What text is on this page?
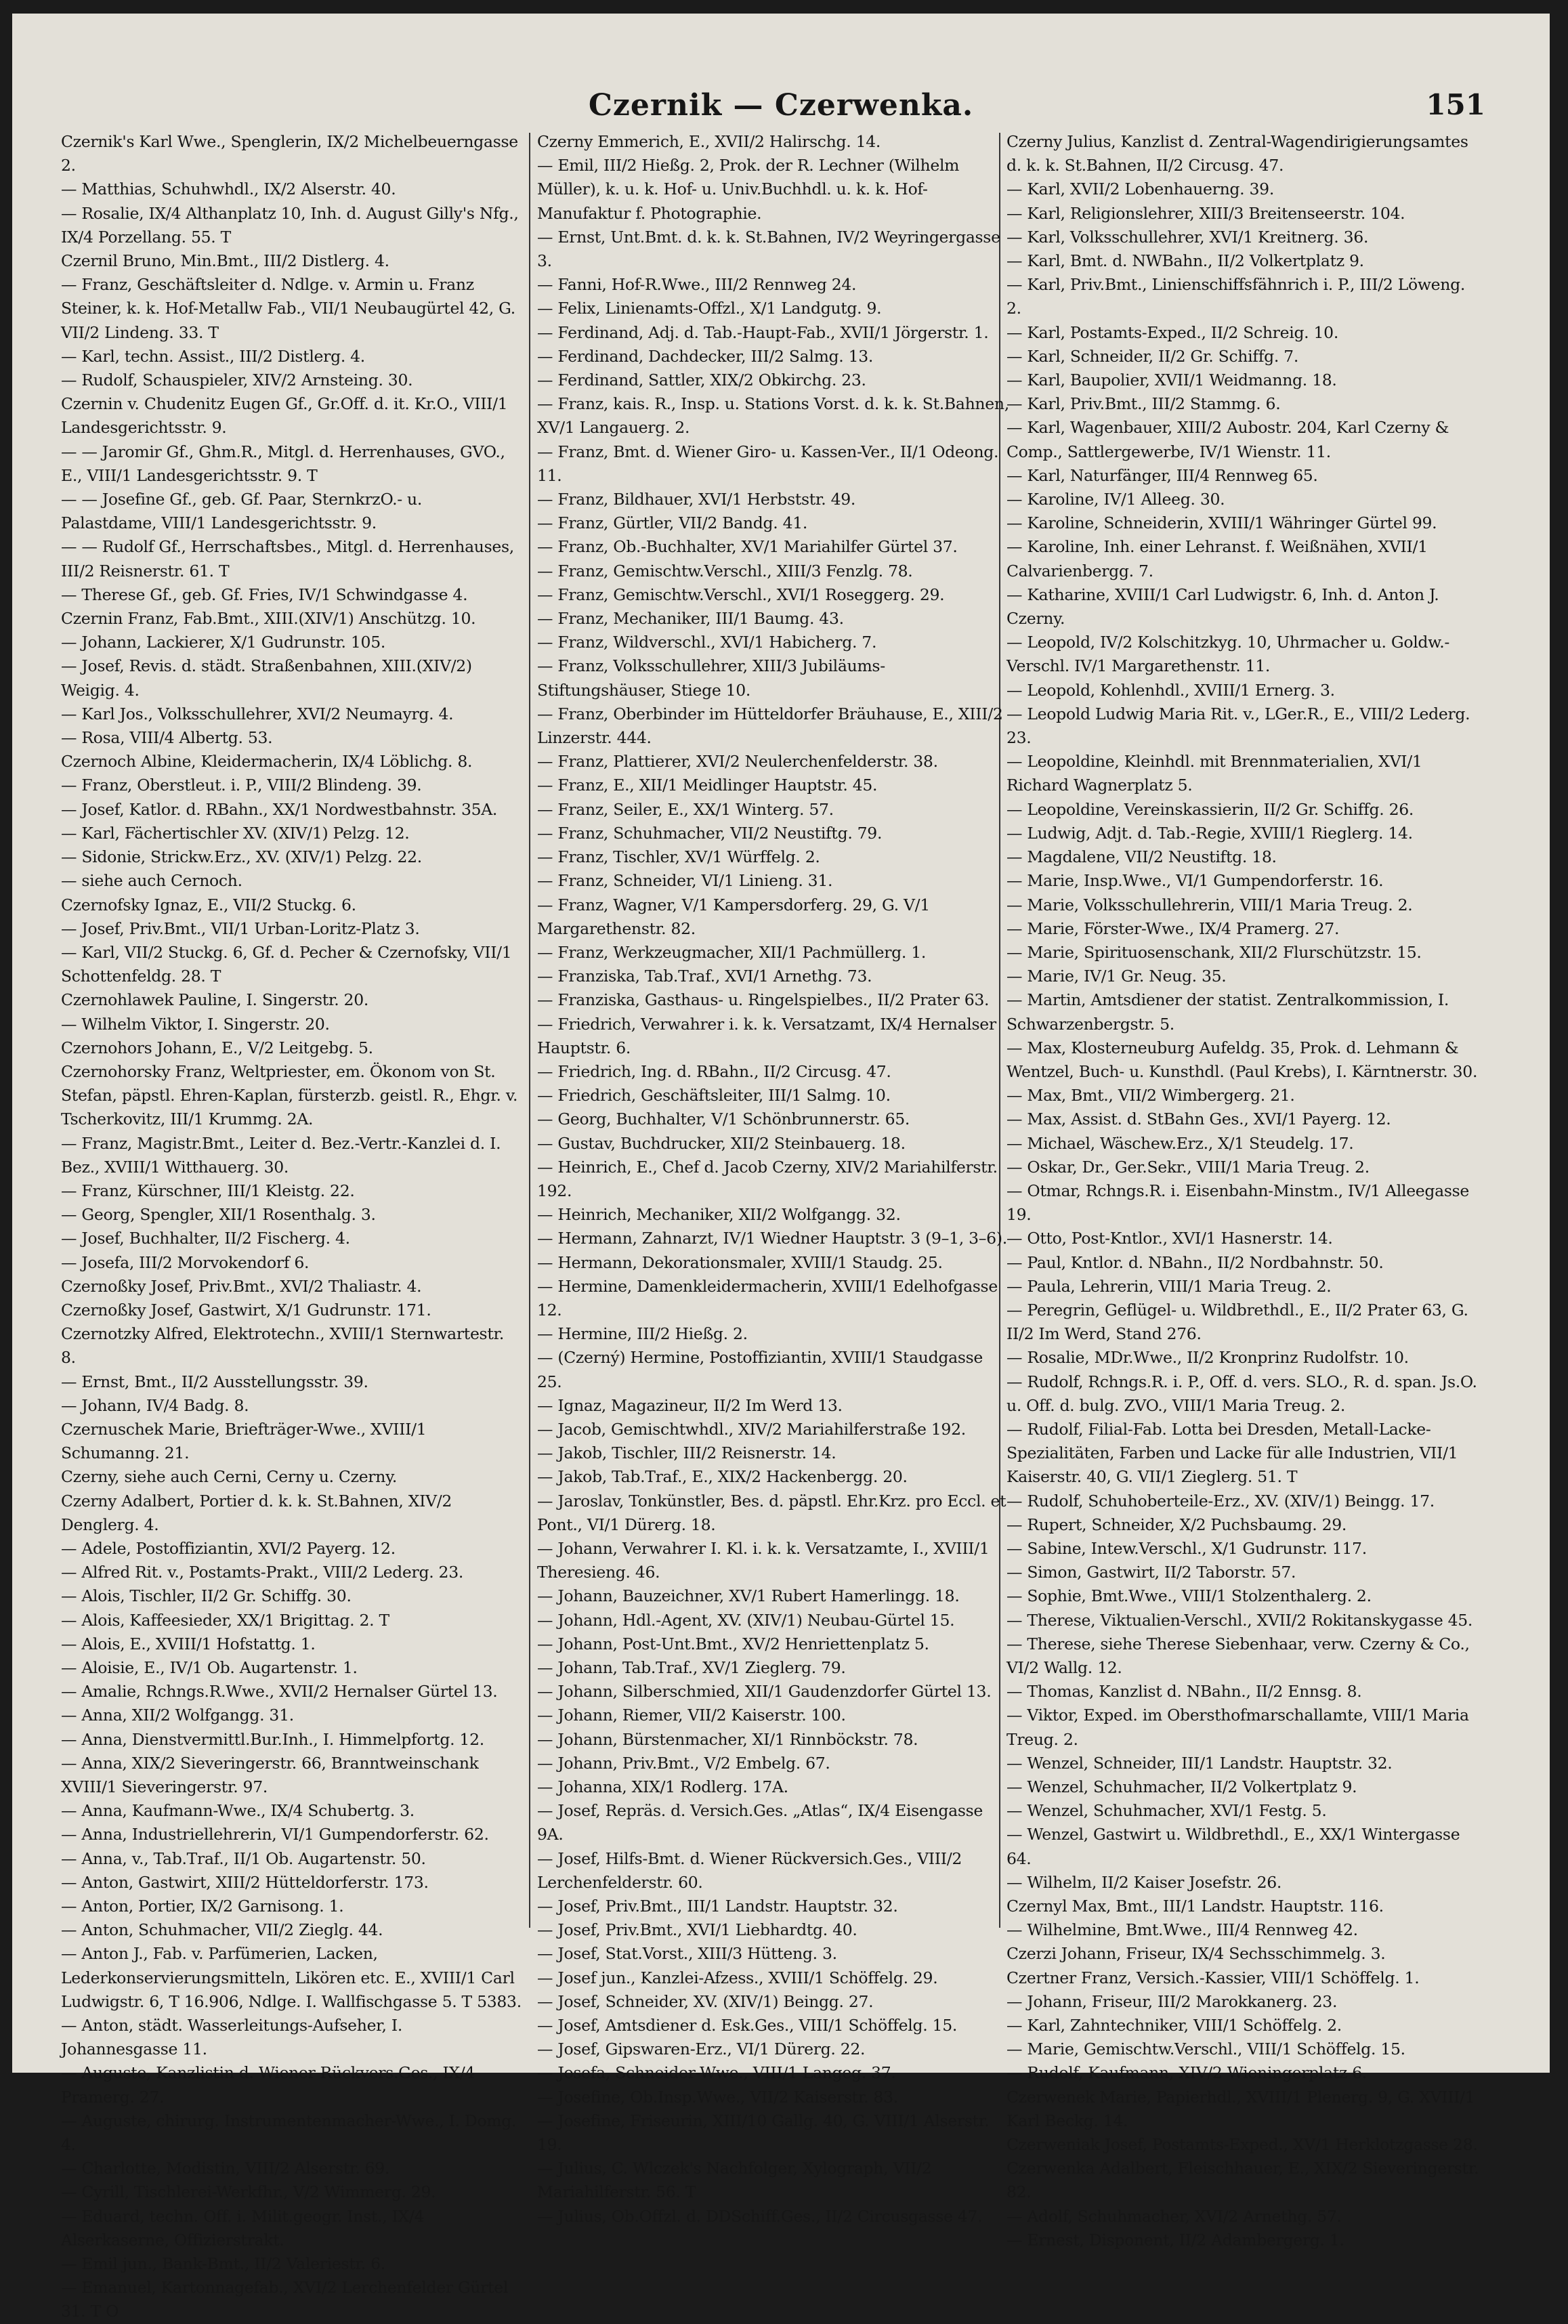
Czernik — Czerwenka.	151
Czernik's Karl Wwe., Spenglerin, IX/2 Michelbeuerngasse 2.
— Matthias, Schuhwhdl., IX/2 Alserstr. 40.
— Rosalie, IX/4 Althanplatz 10, Inh. d. August Gilly's Nfg., IX/4 Porzellang. 55. T
Czernil Bruno, Min.Bmt., III/2 Distlerg. 4.
— Franz, Geschäftsleiter d. Ndlge. v. Armin u. Franz Steiner, k. k. Hof-Metallw Fab., VII/1 Neubaugürtel 42, G. VII/2 Lindeng. 33. T
— Karl, techn. Assist., III/2 Distlerg. 4.
— Rudolf, Schauspieler, XIV/2 Arnsteing. 30.
Czernin v. Chudenitz Eugen Gf., Gr.Off. d. it. Kr.O., VIII/1 Landesgerichtsstr. 9.
— — Jaromir Gf., Ghm.R., Mitgl. d. Herrenhauses, GVO., E., VIII/1 Landesgerichtsstr. 9. T
— — Josefine Gf., geb. Gf. Paar, SternkrzO.- u. Palastdame, VIII/1 Landesgerichtsstr. 9.
— — Rudolf Gf., Herrschaftsbes., Mitgl. d. Herrenhauses, III/2 Reisnerstr. 61. T
— Therese Gf., geb. Gf. Fries, IV/1 Schwindgasse 4.
Czernin Franz, Fab.Bmt., XIII.(XIV/1) Anschützg. 10.
— Johann, Lackierer, X/1 Gudrunstr. 105.
— Josef, Revis. d. städt. Straßenbahnen, XIII.(XIV/2) Weigig. 4.
— Karl Jos., Volksschullehrer, XVI/2 Neumayrg. 4.
— Rosa, VIII/4 Albertg. 53.
Czernoch Albine, Kleidermacherin, IX/4 Löblichg. 8.
— Franz, Oberstleut. i. P., VIII/2 Blindeng. 39.
— Josef, Katlor. d. RBahn., XX/1 Nordwestbahnstr. 35A.
— Karl, Fächertischler XV. (XIV/1) Pelzg. 12.
— Sidonie, Strickw.Erz., XV. (XIV/1) Pelzg. 22.
— siehe auch Cernoch.
Czernofsky Ignaz, E., VII/2 Stuckg. 6.
— Josef, Priv.Bmt., VII/1 Urban-Loritz-Platz 3.
— Karl, VII/2 Stuckg. 6, Gf. d. Pecher & Czernofsky, VII/1 Schottenfeldg. 28. T
Czernohlawek Pauline, I. Singerstr. 20.
— Wilhelm Viktor, I. Singerstr. 20.
Czernohors Johann, E., V/2 Leitgebg. 5.
Czernohorsky Franz, Weltpriester, em. Ökonom von St. Stefan, päpstl. Ehren-Kaplan, fürsterzb. geistl. R., Ehgr. v. Tscherkovitz, III/1 Krummg. 2A.
— Franz, Magistr.Bmt., Leiter d. Bez.-Vertr.-Kanzlei d. I. Bez., XVIII/1 Witthauerg. 30.
— Franz, Kürschner, III/1 Kleistg. 22.
— Georg, Spengler, XII/1 Rosenthalg. 3.
— Josef, Buchhalter, II/2 Fischerg. 4.
— Josefa, III/2 Morvokendorf 6.
Czernoßky Josef, Priv.Bmt., XVI/2 Thaliastr. 4.
Czernoßky Josef, Gastwirt, X/1 Gudrunstr. 171.
Czernotzky Alfred, Elektrotechn., XVIII/1 Sternwartestr. 8.
— Ernst, Bmt., II/2 Ausstellungsstr. 39.
— Johann, IV/4 Badg. 8.
Czernuschek Marie, Briefträger-Wwe., XVIII/1 Schumanng. 21.
Czerny, siehe auch Cerni, Cerny u. Czerny.
Czerny Adalbert, Portier d. k. k. St.Bahnen, XIV/2 Denglerg. 4.
— Adele, Postoffiziantin, XVI/2 Payerg. 12.
— Alfred Rit. v., Postamts-Prakt., VIII/2 Lederg. 23.
— Alois, Tischler, II/2 Gr. Schiffg. 30.
— Alois, Kaffeesieder, XX/1 Brigittag. 2. T
— Alois, E., XVIII/1 Hofstattg. 1.
— Aloisie, E., IV/1 Ob. Augartenstr. 1.
— Amalie, Rchngs.R.Wwe., XVII/2 Hernalser Gürtel 13.
— Anna, XII/2 Wolfgangg. 31.
— Anna, Dienstvermittl.Bur.Inh., I. Himmelpfortg. 12.
— Anna, XIX/2 Sieveringerstr. 66, Branntweinschank XVIII/1 Sieveringerstr. 97.
— Anna, Kaufmann-Wwe., IX/4 Schubertg. 3.
— Anna, Industriellehrerin, VI/1 Gumpendorferstr. 62.
— Anna, v., Tab.Traf., II/1 Ob. Augartenstr. 50.
— Anton, Gastwirt, XIII/2 Hütteldorferstr. 173.
— Anton, Portier, IX/2 Garnisong. 1.
— Anton, Schuhmacher, VII/2 Zieglg. 44.
— Anton J., Fab. v. Parfümerien, Lacken, Lederkonservierungsmitteln, Likören etc. E., XVIII/1 Carl Ludwigstr. 6, T 16.906, Ndlge. I. Wallfischgasse 5. T 5383.
— Anton, städt. Wasserleitungs-Aufseher, I. Johannesgasse 11.
— Auguste, Kanzlistin d. Wiener Rückvers.Ges., IX/4 Pramerg. 27.
— Auguste, chirurg. Instrumentenmacher-Wwe., I. Domg. 4.
— Charlotte, Modistin, VIII/2 Alserstr. 69.
— Cyrill, Tischlerei-Werkfhr., V/2 Wimmerg. 29.
— Eduard, techn. Off. i. Milit.geogr. Inst., IX/4 Alserkaserne, Offizierstrakt.
— Emil jun., Bank-Bmt., II/2 Valeriestr. 6.
— Emanuel, Kartonnagefab., XVI/2 Lerchenfelder Gürtel 31. T O
Czerny Emmerich, E., XVII/2 Halirschg. 14.
— Emil, III/2 Hießg. 2, Prok. der R. Lechner (Wilhelm Müller), k. u. k. Hof- u. Univ.Buchhdl. u. k. k. Hof-Manufaktur f. Photographie.
— Ernst, Unt.Bmt. d. k. k. St.Bahnen, IV/2 Weyringergasse 3.
— Fanni, Hof-R.Wwe., III/2 Rennweg 24.
— Felix, Linienamts-Offzl., X/1 Landgutg. 9.
— Ferdinand, Adj. d. Tab.-Haupt-Fab., XVII/1 Jörgerstr. 1.
— Ferdinand, Dachdecker, III/2 Salmg. 13.
— Ferdinand, Sattler, XIX/2 Obkirchg. 23.
— Franz, kais. R., Insp. u. Stations Vorst. d. k. k. St.Bahnen, XV/1 Langauerg. 2.
— Franz, Bmt. d. Wiener Giro- u. Kassen-Ver., II/1 Odeong. 11.
— Franz, Bildhauer, XVI/1 Herbststr. 49.
— Franz, Gürtler, VII/2 Bandg. 41.
— Franz, Ob.-Buchhalter, XV/1 Mariahilfer Gürtel 37.
— Franz, Gemischtw.Verschl., XIII/3 Fenzlg. 78.
— Franz, Gemischtw.Verschl., XVI/1 Roseggerg. 29.
— Franz, Mechaniker, III/1 Baumg. 43.
— Franz, Wildverschl., XVI/1 Habicherg. 7.
— Franz, Volksschullehrer, XIII/3 Jubiläums-Stiftungshäuser, Stiege 10.
— Franz, Oberbinder im Hütteldorfer Bräuhause, E., XIII/2 Linzerstr. 444.
— Franz, Plattierer, XVI/2 Neulerchenfelderstr. 38.
— Franz, E., XII/1 Meidlinger Hauptstr. 45.
— Franz, Seiler, E., XX/1 Winterg. 57.
— Franz, Schuhmacher, VII/2 Neustiftg. 79.
— Franz, Tischler, XV/1 Würffelg. 2.
— Franz, Schneider, VI/1 Linieng. 31.
— Franz, Wagner, V/1 Kampersdorferg. 29, G. V/1 Margarethenstr. 82.
— Franz, Werkzeugmacher, XII/1 Pachmüllerg. 1.
— Franziska, Tab.Traf., XVI/1 Arnethg. 73.
— Franziska, Gasthaus- u. Ringelspielbes., II/2 Prater 63.
— Friedrich, Verwahrer i. k. k. Versatzamt, IX/4 Hernalser Hauptstr. 6.
— Friedrich, Ing. d. RBahn., II/2 Circusg. 47.
— Friedrich, Geschäftsleiter, III/1 Salmg. 10.
— Georg, Buchhalter, V/1 Schönbrunnerstr. 65.
— Gustav, Buchdrucker, XII/2 Steinbauerg. 18.
— Heinrich, E., Chef d. Jacob Czerny, XIV/2 Mariahilferstr. 192.
— Heinrich, Mechaniker, XII/2 Wolfgangg. 32.
— Hermann, Zahnarzt, IV/1 Wiedner Hauptstr. 3 (9–1, 3–6).
— Hermann, Dekorationsmaler, XVIII/1 Staudg. 25.
— Hermine, Damenkleidermacherin, XVIII/1 Edelhofgasse 12.
— Hermine, III/2 Hießg. 2.
— (Czerný) Hermine, Postoffiziantin, XVIII/1 Staudgasse 25.
— Ignaz, Magazineur, II/2 Im Werd 13.
— Jacob, Gemischtwhdl., XIV/2 Mariahilferstraße 192.
— Jakob, Tischler, III/2 Reisnerstr. 14.
— Jakob, Tab.Traf., E., XIX/2 Hackenbergg. 20.
— Jaroslav, Tonkünstler, Bes. d. päpstl. Ehr.Krz. pro Eccl. et Pont., VI/1 Dürerg. 18.
— Johann, Verwahrer I. Kl. i. k. k. Versatzamte, I., XVIII/1 Theresieng. 46.
— Johann, Bauzeichner, XV/1 Rubert Hamerlingg. 18.
— Johann, Hdl.-Agent, XV. (XIV/1) Neubau-Gürtel 15.
— Johann, Post-Unt.Bmt., XV/2 Henriettenplatz 5.
— Johann, Tab.Traf., XV/1 Zieglerg. 79.
— Johann, Silberschmied, XII/1 Gaudenzdorfer Gürtel 13.
— Johann, Riemer, VII/2 Kaiserstr. 100.
— Johann, Bürstenmacher, XI/1 Rinnböckstr. 78.
— Johann, Priv.Bmt., V/2 Embelg. 67.
— Johanna, XIX/1 Rodlerg. 17A.
— Josef, Repräs. d. Versich.Ges. „Atlas“, IX/4 Eisengasse 9A.
— Josef, Hilfs-Bmt. d. Wiener Rückversich.Ges., VIII/2 Lerchenfelderstr. 60.
— Josef, Priv.Bmt., III/1 Landstr. Hauptstr. 32.
— Josef, Priv.Bmt., XVI/1 Liebhardtg. 40.
— Josef, Stat.Vorst., XIII/3 Hütteng. 3.
— Josef jun., Kanzlei-Afzess., XVIII/1 Schöffelg. 29.
— Josef, Schneider, XV. (XIV/1) Beingg. 27.
— Josef, Amtsdiener d. Esk.Ges., VIII/1 Schöffelg. 15.
— Josef, Gipswaren-Erz., VI/1 Dürerg. 22.
— Josefa, Schneider-Wwe., VIII/1 Langeg. 37.
— Josefine, Ob.Insp.Wwe., VII/2 Kaiserstr. 83.
— Josefine, Friseurin, XIII/10 Gallg. 40, G. VIII/1 Alserstr. 19.
— Julius, C. Wlczek's Nachfolger, Xylograph, VII/2 Mariahilferstr. 56. T
— Julius, Ob.Offzl. d. DDSchiff.Ges., II/2 Circusgasse 47.
Czerny Julius, Kanzlist d. Zentral-Wagendirigierungsamtes d. k. k. St.Bahnen, II/2 Circusg. 47.
— Karl, XVII/2 Lobenhauerng. 39.
— Karl, Religionslehrer, XIII/3 Breitenseerstr. 104.
— Karl, Volksschullehrer, XVI/1 Kreitnerg. 36.
— Karl, Bmt. d. NWBahn., II/2 Volkertplatz 9.
— Karl, Priv.Bmt., Linienschiffsfähnrich i. P., III/2 Löweng. 2.
— Karl, Postamts-Exped., II/2 Schreig. 10.
— Karl, Schneider, II/2 Gr. Schiffg. 7.
— Karl, Baupolier, XVII/1 Weidmanng. 18.
— Karl, Priv.Bmt., III/2 Stammg. 6.
— Karl, Wagenbauer, XIII/2 Aubostr. 204, Karl Czerny & Comp., Sattlergewerbe, IV/1 Wienstr. 11.
— Karl, Naturfänger, III/4 Rennweg 65.
— Karoline, IV/1 Alleeg. 30.
— Karoline, Schneiderin, XVIII/1 Währinger Gürtel 99.
— Karoline, Inh. einer Lehranst. f. Weißnähen, XVII/1 Calvarienbergg. 7.
— Katharine, XVIII/1 Carl Ludwigstr. 6, Inh. d. Anton J. Czerny.
— Leopold, IV/2 Kolschitzkyg. 10, Uhrmacher u. Goldw.-Verschl. IV/1 Margarethenstr. 11.
— Leopold, Kohlenhdl., XVIII/1 Ernerg. 3.
— Leopold Ludwig Maria Rit. v., LGer.R., E., VIII/2 Lederg. 23.
— Leopoldine, Kleinhdl. mit Brennmaterialien, XVI/1 Richard Wagnerplatz 5.
— Leopoldine, Vereinskassierin, II/2 Gr. Schiffg. 26.
— Ludwig, Adjt. d. Tab.-Regie, XVIII/1 Rieglerg. 14.
— Magdalene, VII/2 Neustiftg. 18.
— Marie, Insp.Wwe., VI/1 Gumpendorferstr. 16.
— Marie, Volksschullehrerin, VIII/1 Maria Treug. 2.
— Marie, Förster-Wwe., IX/4 Pramerg. 27.
— Marie, Spirituosenschank, XII/2 Flurschützstr. 15.
— Marie, IV/1 Gr. Neug. 35.
— Martin, Amtsdiener der statist. Zentralkommission, I. Schwarzenbergstr. 5.
— Max, Klosterneuburg Aufeldg. 35, Prok. d. Lehmann & Wentzel, Buch- u. Kunsthdl. (Paul Krebs), I. Kärntnerstr. 30.
— Max, Bmt., VII/2 Wimbergerg. 21.
— Max, Assist. d. StBahn Ges., XVI/1 Payerg. 12.
— Michael, Wäschew.Erz., X/1 Steudelg. 17.
— Oskar, Dr., Ger.Sekr., VIII/1 Maria Treug. 2.
— Otmar, Rchngs.R. i. Eisenbahn-Minstm., IV/1 Alleegasse 19.
— Otto, Post-Kntlor., XVI/1 Hasnerstr. 14.
— Paul, Kntlor. d. NBahn., II/2 Nordbahnstr. 50.
— Paula, Lehrerin, VIII/1 Maria Treug. 2.
— Peregrin, Geflügel- u. Wildbrethdl., E., II/2 Prater 63, G. II/2 Im Werd, Stand 276.
— Rosalie, MDr.Wwe., II/2 Kronprinz Rudolfstr. 10.
— Rudolf, Rchngs.R. i. P., Off. d. vers. SLO., R. d. span. Js.O. u. Off. d. bulg. ZVO., VIII/1 Maria Treug. 2.
— Rudolf, Filial-Fab. Lotta bei Dresden, Metall-Lacke-Spezialitäten, Farben und Lacke für alle Industrien, VII/1 Kaiserstr. 40, G. VII/1 Zieglerg. 51. T
— Rudolf, Schuhoberteile-Erz., XV. (XIV/1) Beingg. 17.
— Rupert, Schneider, X/2 Puchsbaumg. 29.
— Sabine, Intew.Verschl., X/1 Gudrunstr. 117.
— Simon, Gastwirt, II/2 Taborstr. 57.
— Sophie, Bmt.Wwe., VIII/1 Stolzenthalerg. 2.
— Therese, Viktualien-Verschl., XVII/2 Rokitanskygasse 45.
— Therese, siehe Therese Siebenhaar, verw. Czerny & Co., VI/2 Wallg. 12.
— Thomas, Kanzlist d. NBahn., II/2 Ennsg. 8.
— Viktor, Exped. im Obersthofmarschallamte, VIII/1 Maria Treug. 2.
— Wenzel, Schneider, III/1 Landstr. Hauptstr. 32.
— Wenzel, Schuhmacher, II/2 Volkertplatz 9.
— Wenzel, Schuhmacher, XVI/1 Festg. 5.
— Wenzel, Gastwirt u. Wildbrethdl., E., XX/1 Wintergasse 64.
— Wilhelm, II/2 Kaiser Josefstr. 26.
Czernyl Max, Bmt., III/1 Landstr. Hauptstr. 116.
— Wilhelmine, Bmt.Wwe., III/4 Rennweg 42.
Czerzi Johann, Friseur, IX/4 Sechsschimmelg. 3.
Czertner Franz, Versich.-Kassier, VIII/1 Schöffelg. 1.
— Johann, Friseur, III/2 Marokkanerg. 23.
— Karl, Zahntechniker, VIII/1 Schöffelg. 2.
— Marie, Gemischtw.Verschl., VIII/1 Schöffelg. 15.
— Rudolf, Kaufmann, XIV/2 Wieningerplatz 6.
Czerwenek Marie, Papierhdl., XVIII/1 Plenerg. 9, G. XVIII/1 Karl Beckg. 14.
Czerweniak Josef, Postamts-Exped., XV/1 Herklotzgasse 28.
Czerwenka Adalbert, Fleischhauer, E., XIX/2 Sieveringerstr. 82.
— Adolf, Schuhmacher, XVI/2 Arnethg. 57.
— Ernest, Disponent, II/2 Adambergerg. 1.
